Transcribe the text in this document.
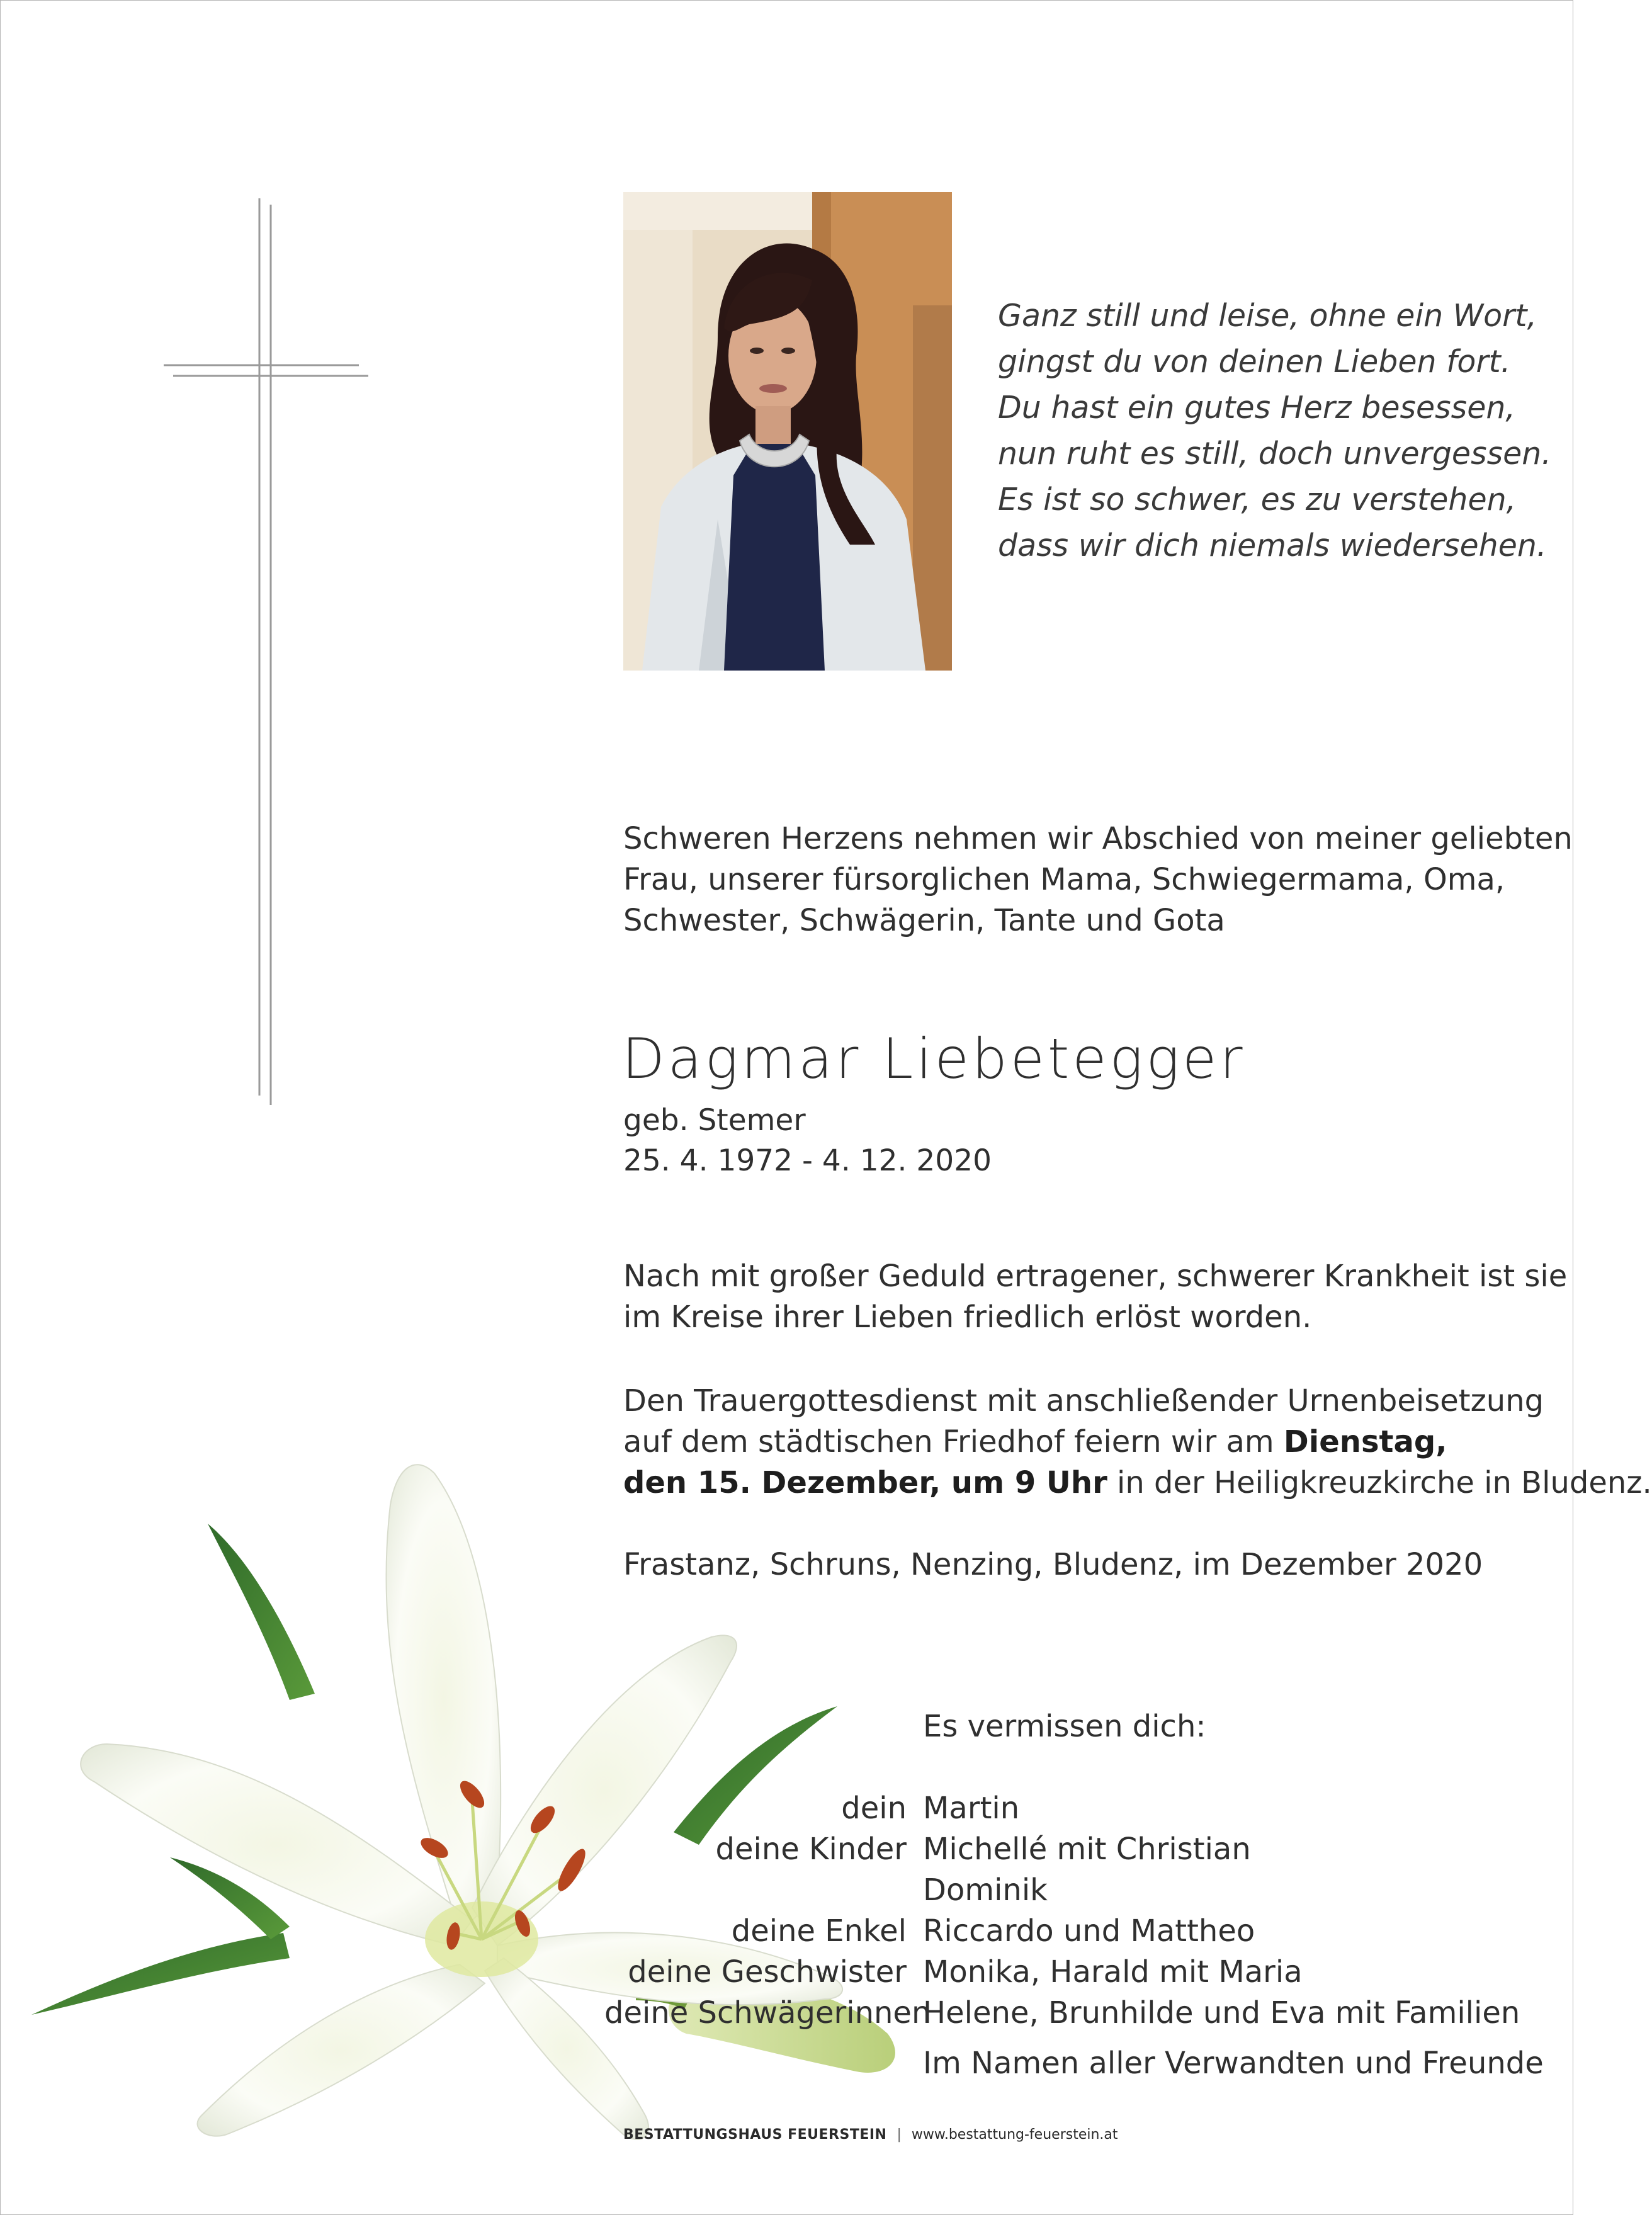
Ganz still und leise, ohne ein Wort,
gingst du von deinen Lieben fort.
Du hast ein gutes Herz besessen,
nun ruht es still, doch unvergessen.
Es ist so schwer, es zu verstehen,
dass wir dich niemals wiedersehen.
Schweren Herzens nehmen wir Abschied von meiner geliebten
Frau, unserer fürsorglichen Mama, Schwiegermama, Oma,
Schwester, Schwägerin, Tante und Gota
Dagmar Liebetegger
geb. Stemer
25. 4. 1972 - 4. 12. 2020
Nach mit großer Geduld ertragener, schwerer Krankheit ist sie
im Kreise ihrer Lieben friedlich erlöst worden.
Den Trauergottesdienst mit anschließender Urnenbeisetzung
auf dem städtischen Friedhof feiern wir am Dienstag,
den 15. Dezember, um 9 Uhr in der Heiligkreuzkirche in Bludenz.
Frastanz, Schruns, Nenzing, Bludenz, im Dezember 2020
Es vermissen dich:
dein Martin
deine Kinder Michellé mit Christian
Dominik
deine Enkel Riccardo und Mattheo
deine Geschwister Monika, Harald mit Maria
deine Schwägerinnen
Helene, Brunhilde und Eva mit Familien
Im Namen aller Verwandten und Freunde
BESTATTUNGSHAUS FEUERSTEIN | www.bestattung-feuerstein.at
